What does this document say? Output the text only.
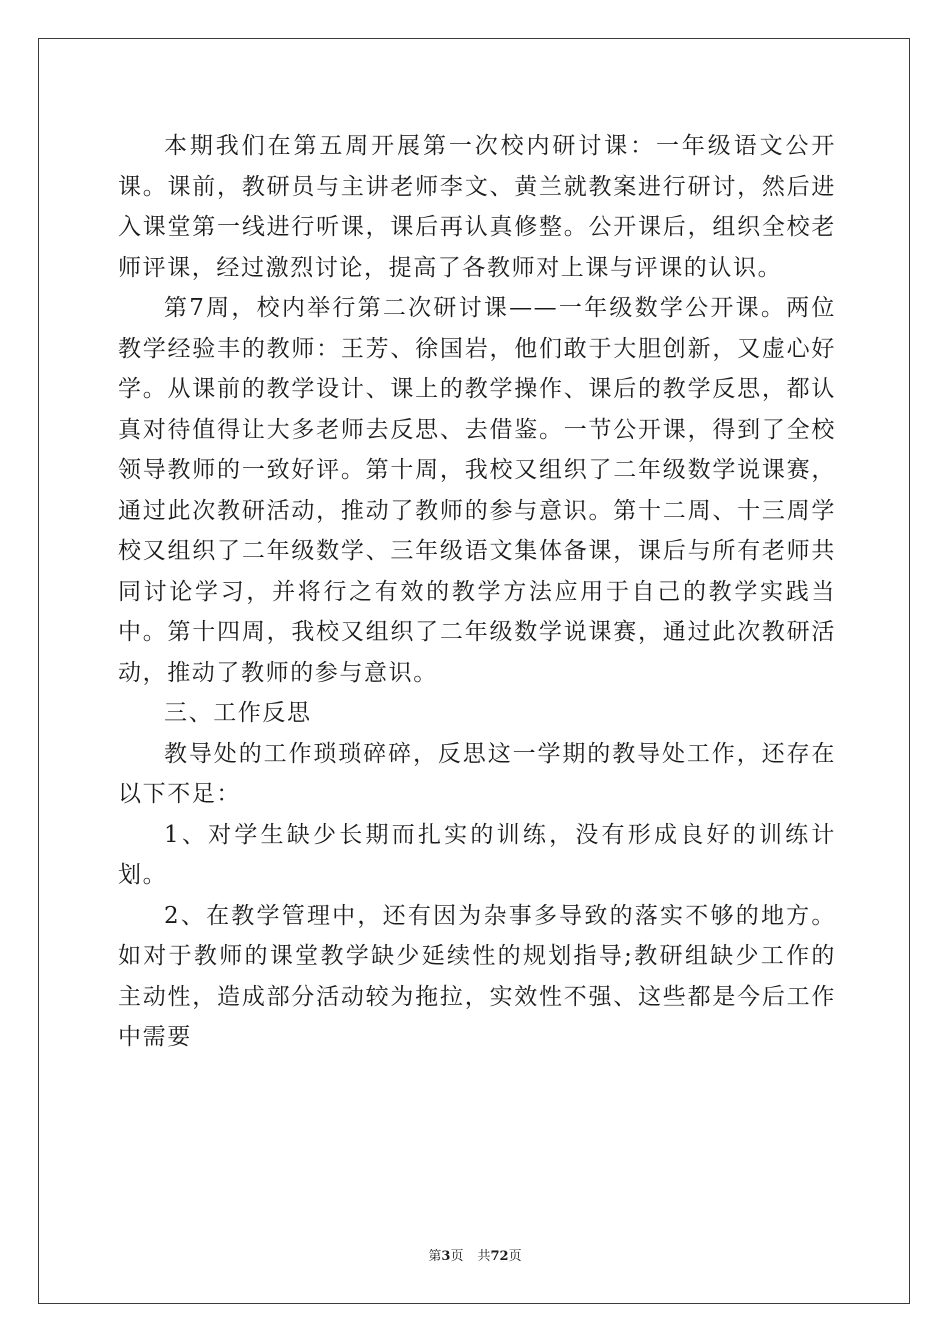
本期我们在第五周开展第一次校内研讨课：一年级语文公开课。课前，教研员与主讲老师李文、黄兰就教案进行研讨，然后进入课堂第一线进行听课，课后再认真修整。公开课后，组织全校老师评课，经过激烈讨论，提高了各教师对上课与评课的认识。

第7周，校内举行第二次研讨课——一年级数学公开课。两位教学经验丰的教师：王芳、徐国岩，他们敢于大胆创新，又虚心好学。从课前的教学设计、课上的教学操作、课后的教学反思，都认真对待值得让大多老师去反思、去借鉴。一节公开课，得到了全校领导教师的一致好评。第十周，我校又组织了二年级数学说课赛，通过此次教研活动，推动了教师的参与意识。第十二周、十三周学校又组织了二年级数学、三年级语文集体备课，课后与所有老师共同讨论学习，并将行之有效的教学方法应用于自己的教学实践当中。第十四周，我校又组织了二年级数学说课赛，通过此次教研活动，推动了教师的参与意识。

三、工作反思

教导处的工作琐琐碎碎，反思这一学期的教导处工作，还存在以下不足：

1、对学生缺少长期而扎实的训练，没有形成良好的训练计划。

2、在教学管理中，还有因为杂事多导致的落实不够的地方。如对于教师的课堂教学缺少延续性的规划指导;教研组缺少工作的主动性，造成部分活动较为拖拉，实效性不强、这些都是今后工作中需要

第3页 共72页
